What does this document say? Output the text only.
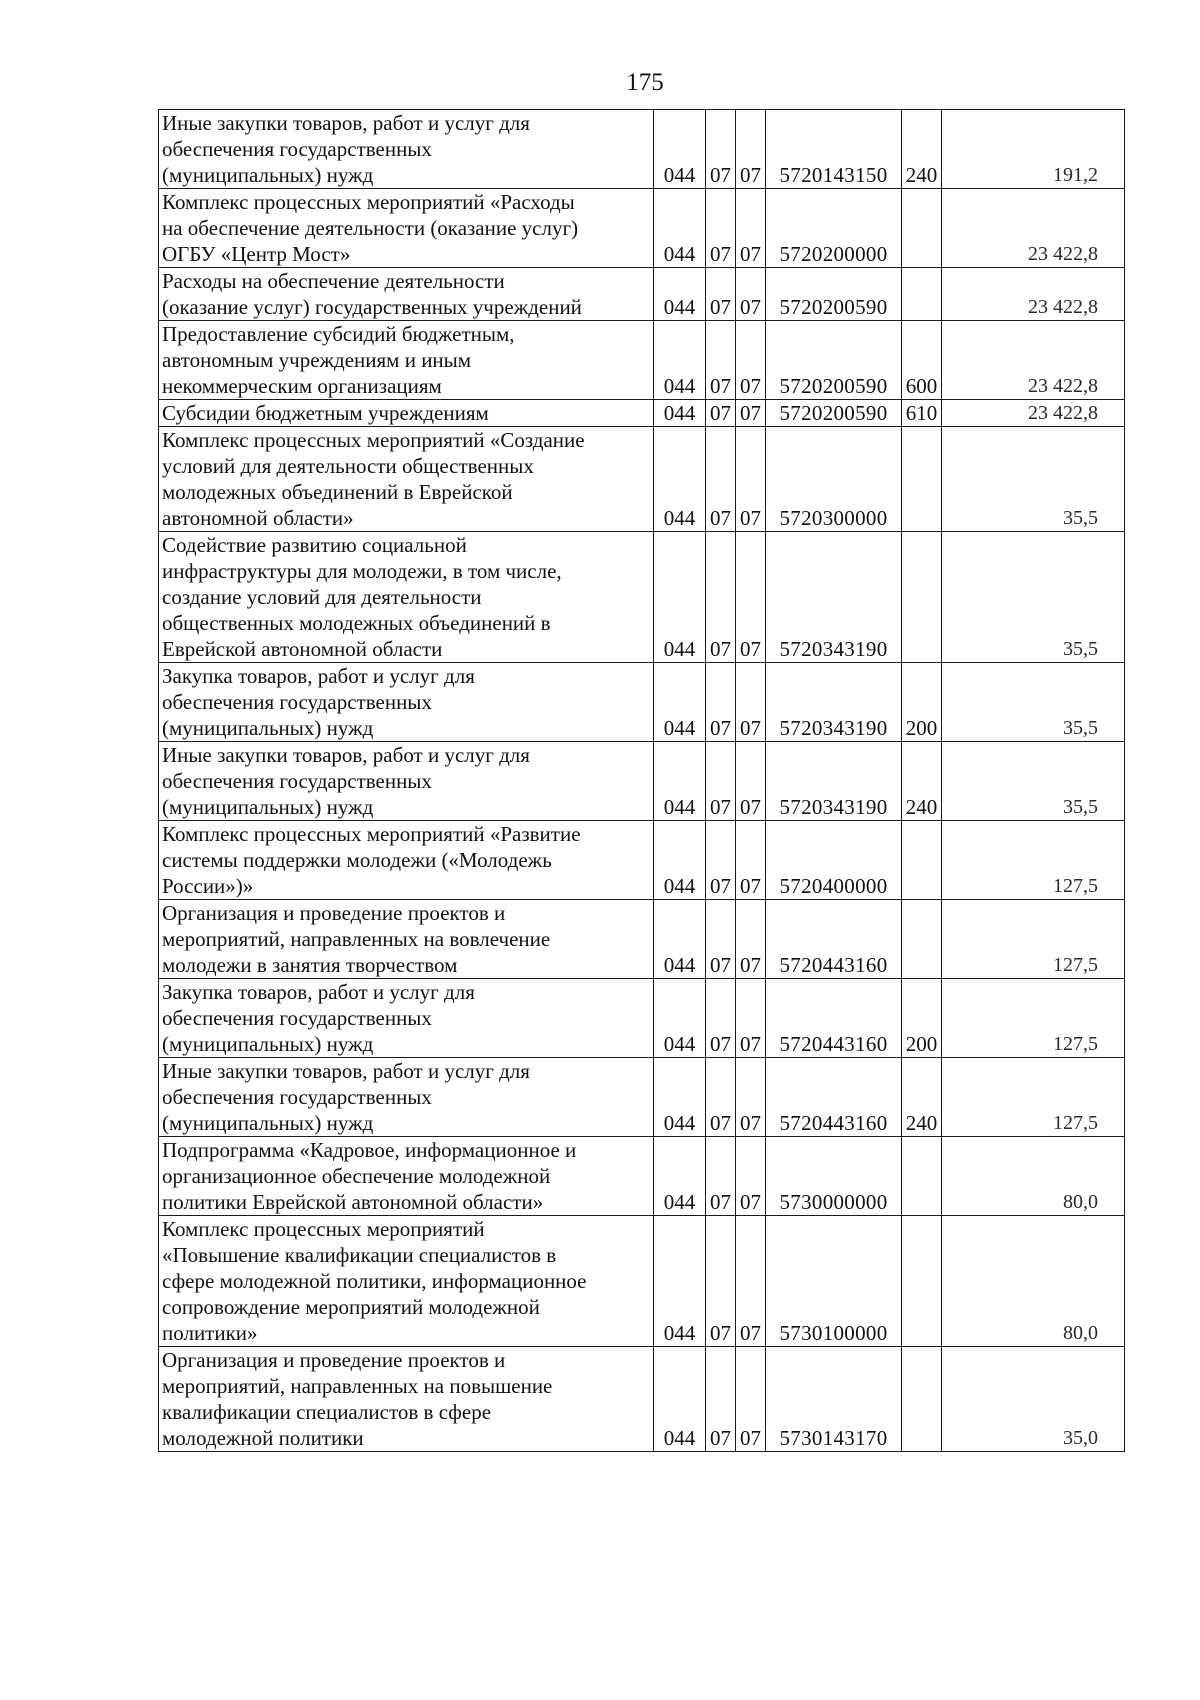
175
Иные закупки товаров, работ и услуг для
обеспечения государственных
(муниципальных) нужд	044	07	07	5720143150	240	191,2
Комплекс процессных мероприятий «Расходы
на обеспечение деятельности (оказание услуг)
ОГБУ «Центр Мост»	044	07	07	5720200000		23 422,8
Расходы на обеспечение деятельности
(оказание услуг) государственных учреждений	044	07	07	5720200590		23 422,8
Предоставление субсидий бюджетным,
автономным учреждениям и иным
некоммерческим организациям	044	07	07	5720200590	600	23 422,8
Субсидии бюджетным учреждениям	044	07	07	5720200590	610	23 422,8
Комплекс процессных мероприятий «Создание
условий для деятельности общественных
молодежных объединений в Еврейской
автономной области»	044	07	07	5720300000		35,5
Содействие развитию социальной
инфраструктуры для молодежи, в том числе,
создание условий для деятельности
общественных молодежных объединений в
Еврейской автономной области	044	07	07	5720343190		35,5
Закупка товаров, работ и услуг для
обеспечения государственных
(муниципальных) нужд	044	07	07	5720343190	200	35,5
Иные закупки товаров, работ и услуг для
обеспечения государственных
(муниципальных) нужд	044	07	07	5720343190	240	35,5
Комплекс процессных мероприятий «Развитие
системы поддержки молодежи («Молодежь
России»)»	044	07	07	5720400000		127,5
Организация и проведение проектов и
мероприятий, направленных на вовлечение
молодежи в занятия творчеством	044	07	07	5720443160		127,5
Закупка товаров, работ и услуг для
обеспечения государственных
(муниципальных) нужд	044	07	07	5720443160	200	127,5
Иные закупки товаров, работ и услуг для
обеспечения государственных
(муниципальных) нужд	044	07	07	5720443160	240	127,5
Подпрограмма «Кадровое, информационное и
организационное обеспечение молодежной
политики Еврейской автономной области»	044	07	07	5730000000		80,0
Комплекс процессных мероприятий
«Повышение квалификации специалистов в
сфере молодежной политики, информационное
сопровождение мероприятий молодежной
политики»	044	07	07	5730100000		80,0
Организация и проведение проектов и
мероприятий, направленных на повышение
квалификации специалистов в сфере
молодежной политики	044	07	07	5730143170		35,0
